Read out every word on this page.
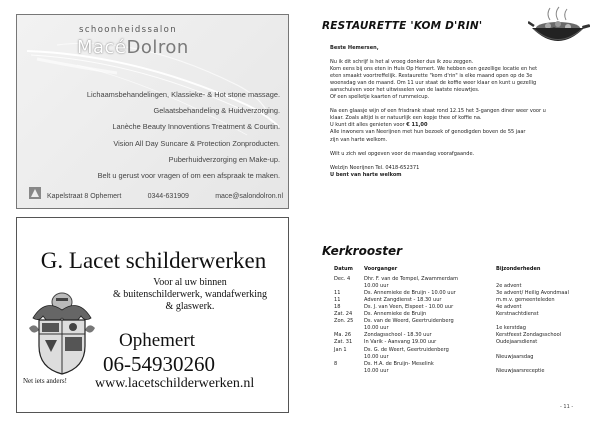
schoonheidssalon
MacéDolron
Lichaamsbehandelingen, Klassieke- & Hot stone massage.
Gelaatsbehandeling & Huidverzorging.
Lanèche Beauty Innoventions Treatment & Courtin.
Vision All Day Suncare & Protection Zonproducten.
Puberhuidverzorging en Make-up.
Belt u gerust voor vragen of om een afspraak te maken.
Kapelstraat 8 Ophemert	0344-631909	mace@salondolron.nl
G. Lacet schilderwerken
Voor al uw binnen
& buitenschilderwerk, wandafwerking
& glaswerk.
Ophemert
06-54930260
Net iets anders! www.lacetschilderwerken.nl
RESTAURETTE 'KOM D'RIN'
Beste Hemersen,
Nu ik dit schrijf is het al vroeg donker dus ik zou zeggen.
Kom eens bij ons eten in Huis Op Hemert. We hebben een gezellige locatie en het
eten smaakt voortreffelijk. Restaurette "kom d'rin" is elke maand open op de 3e
woensdag van de maand. Om 11 uur staat de koffie weer klaar en kunt u gezellig
aanschuiven voor het uitwisselen van de laatste nieuwtjes.
Of een spelletje kaarten of rummeicup.
Na een glaasje wijn of een frisdrank staat rond 12.15 het 3-gangen diner weer voor u
klaar. Zoals altijd is er natuurlijk een kopje thee of koffie na.
U kunt dit alles genieten voor € 11,00
Alle inwoners van Neerijnen met hun bezoek of genodigden boven de 55 jaar
zijn van harte welkom.
Wilt u zich wel opgeven voor de maandag voorafgaande.
Welzijn Neerijnen Tel. 0418-652371
U bent van harte welkom
Kerkrooster
Datum	Voorganger	Bijzonderheden

Dec. 4	Dhr. F. van de Tempel, Zwammerdam	
	10.00 uur	2e advent
11	Ds. Annemieke de Bruijn - 10.00 uur	3e advent/ Heilig Avondmaal
11	Advent Zangdienst - 18.30 uur	m.m.v. gemeenteleden
18	Ds. J. van Veen, Elspeet - 10.00 uur	4e advent
Zat. 24	Ds. Annemieke de Bruijn	Kerstnachtdienst
Zon. 25	Ds. van de Weerd, Geertruidenberg	
	10.00 uur	1e kerstdag
Ma. 26	Zondagsschool - 18.30 uur	Kerstfeest Zondagsschool
Zat. 31	In Varik - Aanvang 19.00 uur	Oudejaarsdienst
Jan 1	Ds. G. de Weert, Geertruidenberg	
	10.00 uur	Nieuwjaarsdag
8	Ds. H.A. de Bruijn- Meselink	
	10.00 uur	Nieuwjaarsreceptie
- 11 -
